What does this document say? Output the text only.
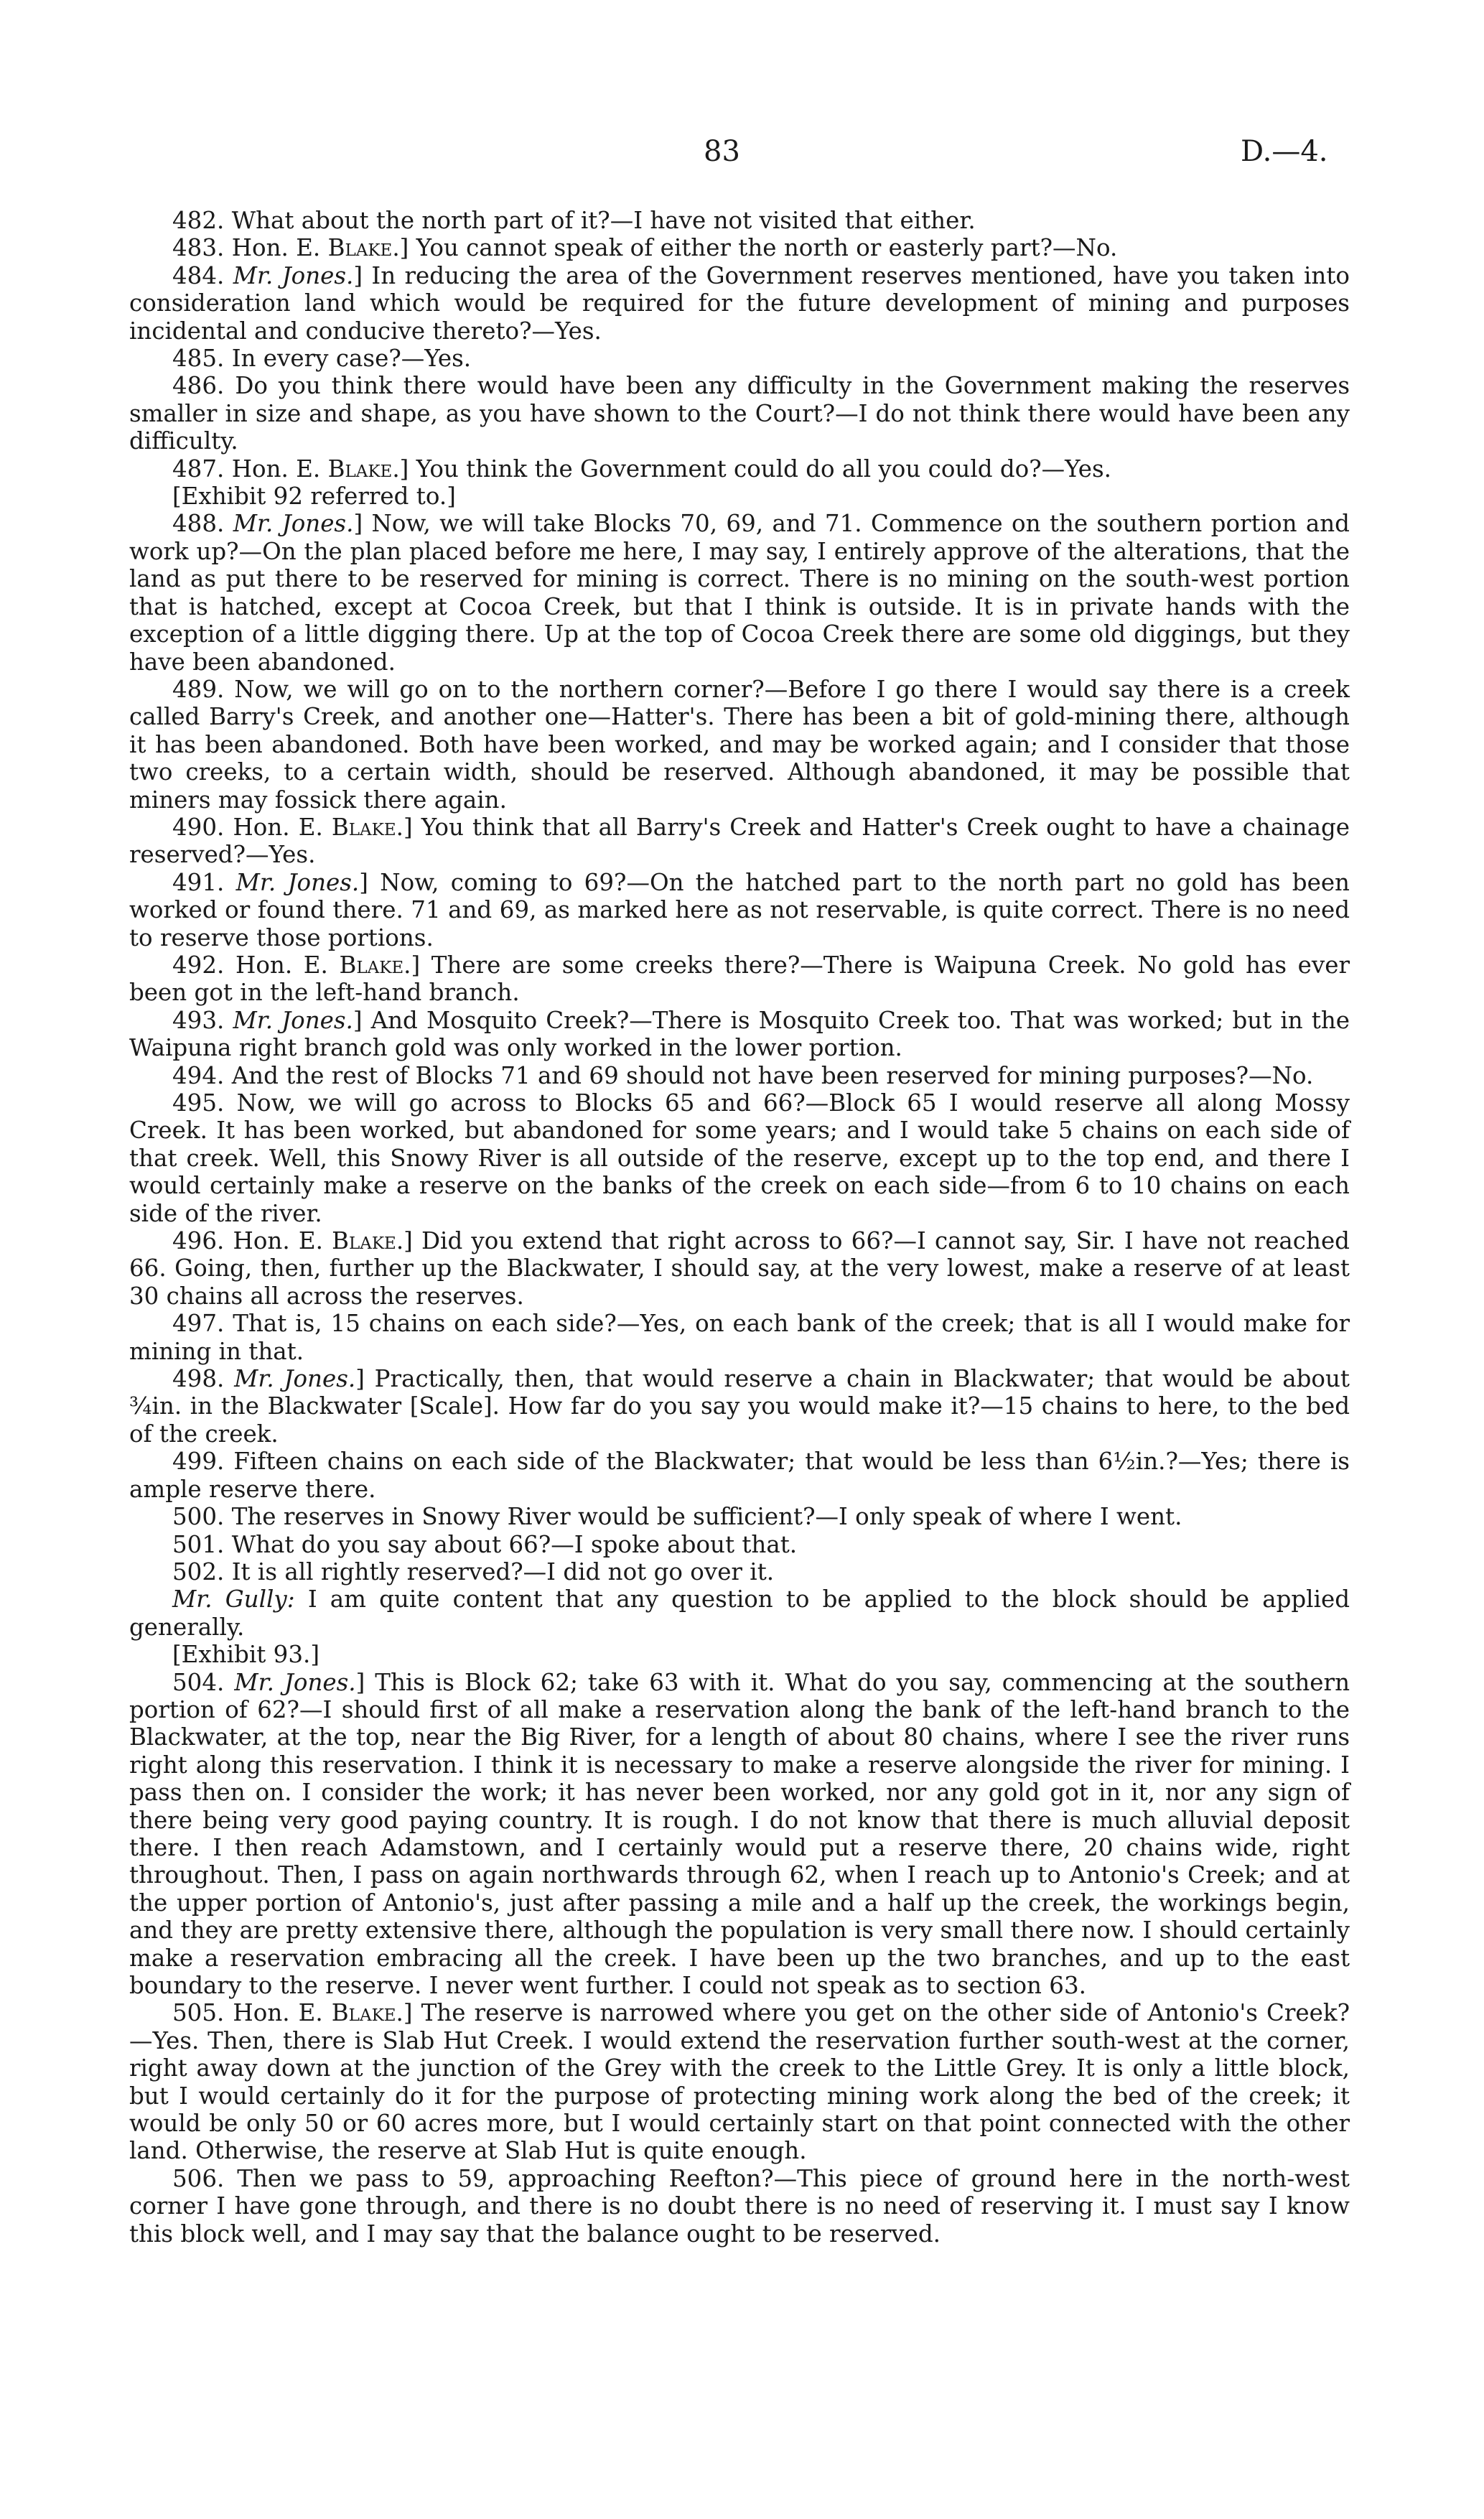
83	D.—4.

482. What about the north part of it?—I have not visited that either.

483. Hon. E. Blake.] You cannot speak of either the north or easterly part?—No.

484. Mr. Jones.] In reducing the area of the Government reserves mentioned, have you taken into consideration land which would be required for the future development of mining and purposes incidental and conducive thereto?—Yes.

485. In every case?—Yes.

486. Do you think there would have been any difficulty in the Government making the reserves smaller in size and shape, as you have shown to the Court?—I do not think there would have been any difficulty.

487. Hon. E. Blake.] You think the Government could do all you could do?—Yes.

[Exhibit 92 referred to.]

488. Mr. Jones.] Now, we will take Blocks 70, 69, and 71. Commence on the southern portion and work up?—On the plan placed before me here, I may say, I entirely approve of the alterations, that the land as put there to be reserved for mining is correct. There is no mining on the south-west portion that is hatched, except at Cocoa Creek, but that I think is outside. It is in private hands with the exception of a little digging there. Up at the top of Cocoa Creek there are some old diggings, but they have been abandoned.

489. Now, we will go on to the northern corner?—Before I go there I would say there is a creek called Barry's Creek, and another one—Hatter's. There has been a bit of gold-mining there, although it has been abandoned. Both have been worked, and may be worked again; and I consider that those two creeks, to a certain width, should be reserved. Although abandoned, it may be possible that miners may fossick there again.

490. Hon. E. Blake.] You think that all Barry's Creek and Hatter's Creek ought to have a chainage reserved?—Yes.

491. Mr. Jones.] Now, coming to 69?—On the hatched part to the north part no gold has been worked or found there. 71 and 69, as marked here as not reservable, is quite correct. There is no need to reserve those portions.

492. Hon. E. Blake.] There are some creeks there?—There is Waipuna Creek. No gold has ever been got in the left-hand branch.

493. Mr. Jones.] And Mosquito Creek?—There is Mosquito Creek too. That was worked; but in the Waipuna right branch gold was only worked in the lower portion.

494. And the rest of Blocks 71 and 69 should not have been reserved for mining purposes?—No.

495. Now, we will go across to Blocks 65 and 66?—Block 65 I would reserve all along Mossy Creek. It has been worked, but abandoned for some years; and I would take 5 chains on each side of that creek. Well, this Snowy River is all outside of the reserve, except up to the top end, and there I would certainly make a reserve on the banks of the creek on each side—from 6 to 10 chains on each side of the river.

496. Hon. E. Blake.] Did you extend that right across to 66?—I cannot say, Sir. I have not reached 66. Going, then, further up the Blackwater, I should say, at the very lowest, make a reserve of at least 30 chains all across the reserves.

497. That is, 15 chains on each side?—Yes, on each bank of the creek; that is all I would make for mining in that.

498. Mr. Jones.] Practically, then, that would reserve a chain in Blackwater; that would be about ¾in. in the Blackwater [Scale]. How far do you say you would make it?—15 chains to here, to the bed of the creek.

499. Fifteen chains on each side of the Blackwater; that would be less than 6½in.?—Yes; there is ample reserve there.

500. The reserves in Snowy River would be sufficient?—I only speak of where I went.

501. What do you say about 66?—I spoke about that.

502. It is all rightly reserved?—I did not go over it.

Mr. Gully: I am quite content that any question to be applied to the block should be applied generally.

[Exhibit 93.]

504. Mr. Jones.] This is Block 62; take 63 with it. What do you say, commencing at the southern portion of 62?—I should first of all make a reservation along the bank of the left-hand branch to the Blackwater, at the top, near the Big River, for a length of about 80 chains, where I see the river runs right along this reservation. I think it is necessary to make a reserve alongside the river for mining. I pass then on. I consider the work; it has never been worked, nor any gold got in it, nor any sign of there being very good paying country. It is rough. I do not know that there is much alluvial deposit there. I then reach Adamstown, and I certainly would put a reserve there, 20 chains wide, right throughout. Then, I pass on again northwards through 62, when I reach up to Antonio's Creek; and at the upper portion of Antonio's, just after passing a mile and a half up the creek, the workings begin, and they are pretty extensive there, although the population is very small there now. I should certainly make a reservation embracing all the creek. I have been up the two branches, and up to the east boundary to the reserve. I never went further. I could not speak as to section 63.

505. Hon. E. Blake.] The reserve is narrowed where you get on the other side of Antonio's Creek?—Yes. Then, there is Slab Hut Creek. I would extend the reservation further south-west at the corner, right away down at the junction of the Grey with the creek to the Little Grey. It is only a little block, but I would certainly do it for the purpose of protecting mining work along the bed of the creek; it would be only 50 or 60 acres more, but I would certainly start on that point connected with the other land. Otherwise, the reserve at Slab Hut is quite enough.

506. Then we pass to 59, approaching Reefton?—This piece of ground here in the north-west corner I have gone through, and there is no doubt there is no need of reserving it. I must say I know this block well, and I may say that the balance ought to be reserved.
